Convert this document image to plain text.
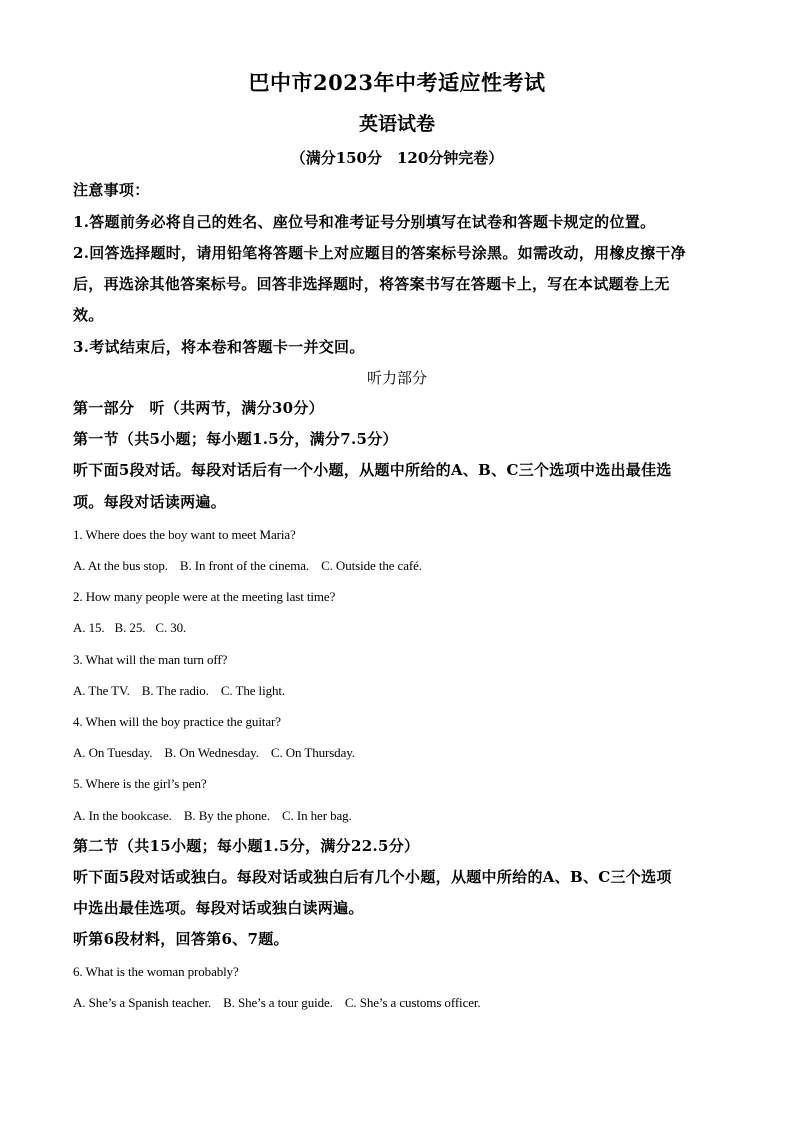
巴中市2023年中考适应性考试
英语试卷
（满分150分　120分钟完卷）
注意事项：
1.答题前务必将自己的姓名、座位号和准考证号分别填写在试卷和答题卡规定的位置。
2.回答选择题时，请用铅笔将答题卡上对应题目的答案标号涂黑。如需改动，用橡皮擦干净
后，再选涂其他答案标号。回答非选择题时，将答案书写在答题卡上，写在本试题卷上无
效。
3.考试结束后，将本卷和答题卡一并交回。
听力部分
第一部分　听（共两节，满分30分）
第一节（共5小题；每小题1.5分，满分7.5分）
听下面5段对话。每段对话后有一个小题，从题中所给的A、B、C三个选项中选出最佳选
项。每段对话读两遍。
1. Where does the boy want to meet Maria?
A. At the bus stop. B. In front of the cinema. C. Outside the café.
2. How many people were at the meeting last time?
A. 15. B. 25. C. 30.
3. What will the man turn off?
A. The TV. B. The radio. C. The light.
4. When will the boy practice the guitar?
A. On Tuesday. B. On Wednesday. C. On Thursday.
5. Where is the girl’s pen?
A. In the bookcase. B. By the phone. C. In her bag.
第二节（共15小题；每小题1.5分，满分22.5分）
听下面5段对话或独白。每段对话或独白后有几个小题，从题中所给的A、B、C三个选项
中选出最佳选项。每段对话或独白读两遍。
听第6段材料，回答第6、7题。
6. What is the woman probably?
A. She’s a Spanish teacher. B. She’s a tour guide. C. She’s a customs officer.
